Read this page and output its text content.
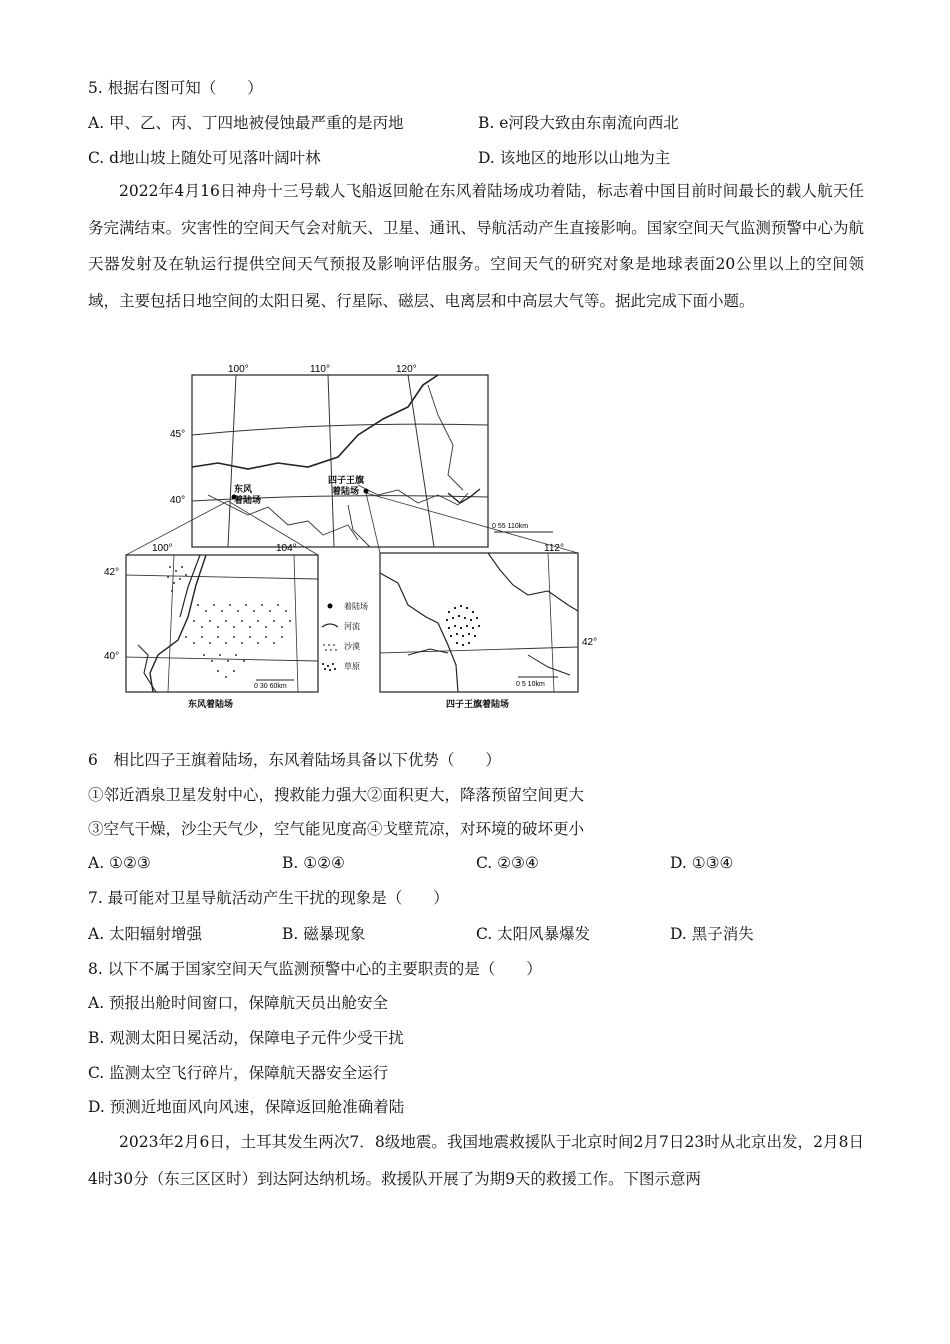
5. 根据右图可知（　　）
A. 甲、乙、丙、丁四地被侵蚀最严重的是丙地	B. e河段大致由东南流向西北
C. d地山坡上随处可见落叶阔叶林	D. 该地区的地形以山地为主
2022年4月16日神舟十三号载人飞船返回舱在东风着陆场成功着陆，标志着中国目前时间最长的载人航天任务完满结束。灾害性的空间天气会对航天、卫星、通讯、导航活动产生直接影响。国家空间天气监测预警中心为航天器发射及在轨运行提供空间天气预报及影响评估服务。空间天气的研究对象是地球表面20公里以上的空间领域，主要包括日地空间的太阳日冕、行星际、磁层、电离层和中高层大气等。据此完成下面小题。
100°	110°	120°
45°
40°
东风
着陆场
四子王旗
着陆场
0 55 110km
112°
100°	104°
42°
40°
0 30 60km
东风着陆场
着陆场
河流
沙漠
草原
42°
0 5 10km
四子王旗着陆场
6　相比四子王旗着陆场，东风着陆场具备以下优势（　　）
①邻近酒泉卫星发射中心，搜救能力强大②面积更大，降落预留空间更大
③空气干燥，沙尘天气少，空气能见度高④戈壁荒凉，对环境的破坏更小
A. ①②③	B. ①②④	C. ②③④	D. ①③④
7. 最可能对卫星导航活动产生干扰的现象是（　　）
A. 太阳辐射增强	B. 磁暴现象	C. 太阳风暴爆发	D. 黑子消失
8. 以下不属于国家空间天气监测预警中心的主要职责的是（　　）
A. 预报出舱时间窗口，保障航天员出舱安全
B. 观测太阳日冕活动，保障电子元件少受干扰
C. 监测太空飞行碎片，保障航天器安全运行
D. 预测近地面风向风速，保障返回舱准确着陆
2023年2月6日，土耳其发生两次7．8级地震。我国地震救援队于北京时间2月7日23时从北京出发，2月8日4时30分（东三区区时）到达阿达纳机场。救援队开展了为期9天的救援工作。下图示意两
